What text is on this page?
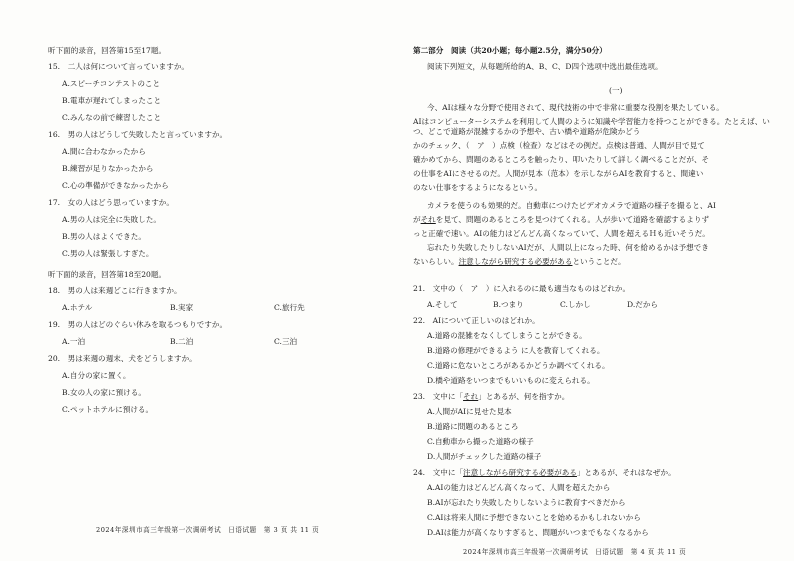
听下面的录音，回答第15至17题。
15.　二人は何について言っていますか。
A.スピーチコンテストのこと
B.電車が遅れてしまったこと
C.みんなの前で練習したこと
16.　男の人はどうして失敗したと言っていますか。
A.間に合わなかったから
B.練習が足りなかったから
C.心の準備ができなかったから
17.　女の人はどう思っていますか。
A.男の人は完全に失敗した。
B.男の人はよくできた。
C.男の人は緊張しすぎた。
听下面的录音，回答第18至20题。
18.　男の人は来週どこに行きますか。
A.ホテル	B.実家	C.旅行先
19.　男の人はどのぐらい休みを取るつもりですか。
A.一泊	B.二泊	C.三泊
20.　男は来週の週末、犬をどうしますか。
A.自分の家に置く。
B.女の人の家に預ける。
C.ペットホテルに預ける。
2024年深圳市高三年级第一次调研考试　日语试题　第 3 页 共 11 页
第二部分　阅读（共20小题；每小题2.5分，满分50分）
阅读下列短文，从每题所给的A、B、C、D四个选项中选出最佳选项。
(一)
今、AIは様々な分野で使用されて、現代技術の中で非常に重要な役割を果たしている。
AIはコンピューターシステムを利用して人間のように知識や学習能力を持つことができる。たとえば、いつ、どこで道路が混雑するかの予想や、古い橋や道路が危険かどう
かのチェック、（　ア　）点検（检查）などはその例だ。点検は普通、人間が目で見て
確かめてから、問題のあるところを触ったり、叩いたりして詳しく調べることだが、そ
の仕事をAIにさせるのだ。人間が見本（范本）を示しながらAIを教育すると、間違い
のない仕事をするようになるという。
カメラを使うのも効果的だ。自動車につけたビデオカメラで道路の様子を撮ると、AI
がそれを見て、問題のあるところを見つけてくれる。人が歩いて道路を確認するよりず
っと正確で速い。AIの能力はどんどん高くなっていて、人間を超えるＨも近いそうだ。
忘れたり失敗したりしないAIだが、人間以上になった時、何を給めるかは予想でき
ないらしい。注意しながら研究する必要があるということだ。
21.　文中の（　ア　）に入れるのに最も適当なものはどれか。
A.そして	B.つまり	C.しかし	D.だから
22.　AIについて正しいのはどれか。
A.道路の混雑をなくしてしまうことができる。
B.道路の修理ができるよう に人を教育してくれる。
C.道路に危ないところがあるかどうか調べてくれる。
D.橋や道路をいつまでもいいものに変えられる。
23.　文中に「それ」とあるが、何を指すか。
A.人間がAIに見せた見本
B.道路に問題のあるところ
C.自動車から撮った道路の様子
D.人間がチェックした道路の様子
24.　文中に「注意しながら研究する必要がある」とあるが、それはなぜか。
A.AIの能力はどんどん高くなって、人間を超えたから
B.AIが忘れたり失敗したりしないように教育すべきだから
C.AIは将来人間に予想できないことを始めるかもしれないから
D.AIは能力が高くなりすぎると、問題がいつまでもなくなるから
2024年深圳市高三年级第一次调研考试　日语试题　第 4 页 共 11 页
